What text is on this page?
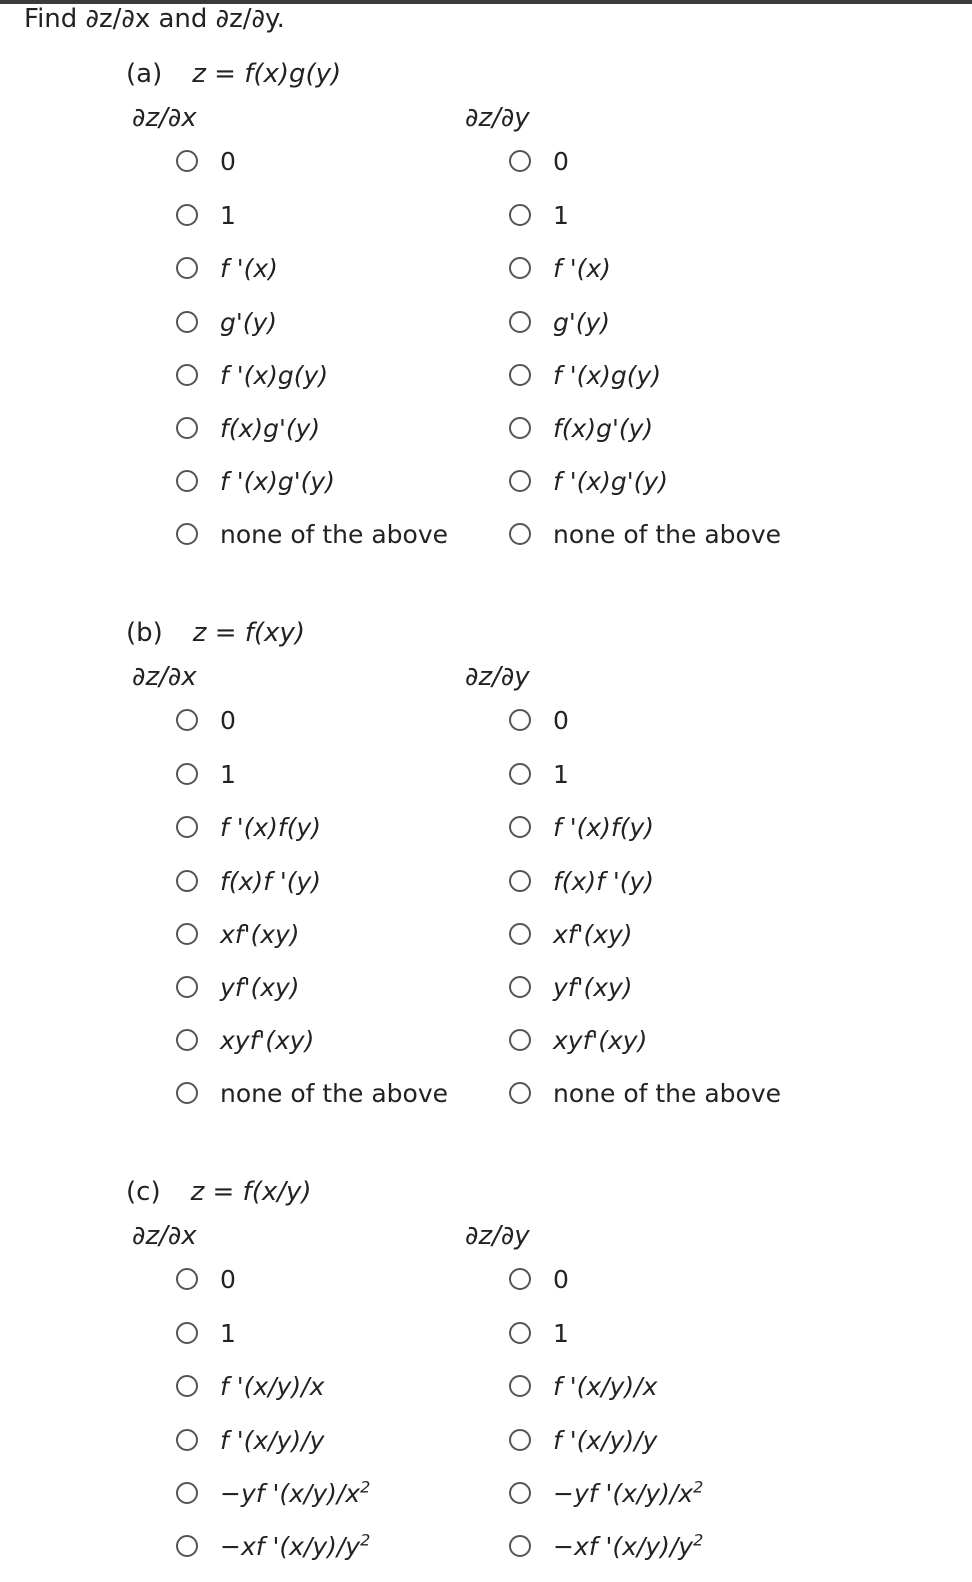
Find ∂z/∂x and ∂z/∂y.
(a) z = f(x)g(y)
∂z/∂x
0
1
f '(x)
g'(y)
f '(x)g(y)
f(x)g'(y)
f '(x)g'(y)
none of the above
∂z/∂y
0
1
f '(x)
g'(y)
f '(x)g(y)
f(x)g'(y)
f '(x)g'(y)
none of the above
(b) z = f(xy)
∂z/∂x
0
1
f '(x)f(y)
f(x)f '(y)
xf'(xy)
yf'(xy)
xyf'(xy)
none of the above
∂z/∂y
0
1
f '(x)f(y)
f(x)f '(y)
xf'(xy)
yf'(xy)
xyf'(xy)
none of the above
(c) z = f(x/y)
∂z/∂x
0
1
f '(x/y)/x
f '(x/y)/y
−yf '$(x/y)/x^2$
−xf '$(x/y)/y^2$
∂z/∂y
0
1
f '(x/y)/x
f '(x/y)/y
−yf '$(x/y)/x^2$
−xf '$(x/y)/y^2$
